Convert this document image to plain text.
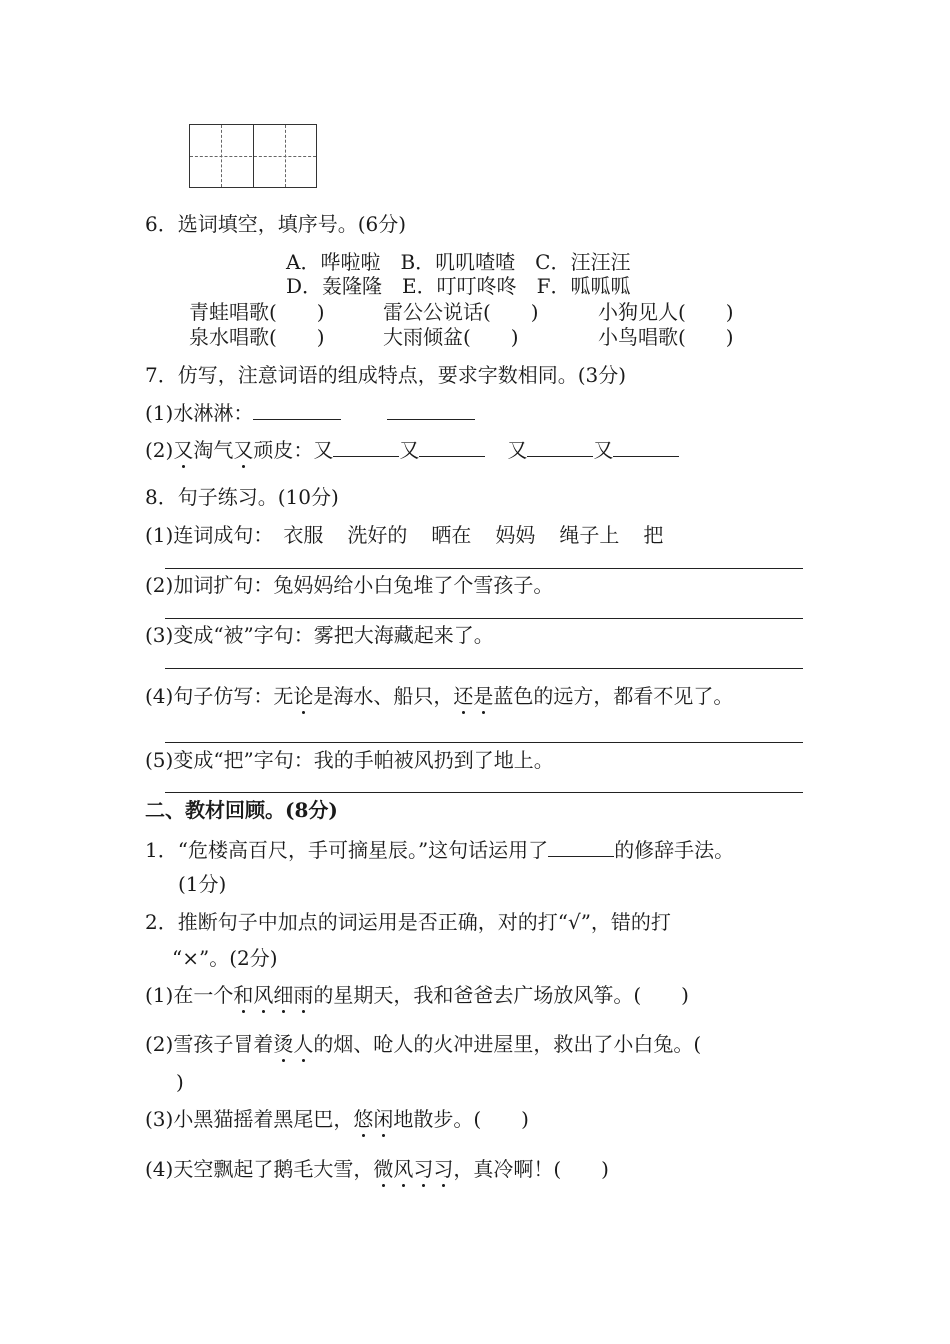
6．选词填空，填序号。(6分)
A．哗啦啦　B．叽叽喳喳　C．汪汪汪
D．轰隆隆　E．叮叮咚咚　F．呱呱呱
青蛙唱歌(　　)	雷公公说话(　　)	小狗见人(　　)
泉水唱歌(　　)	大雨倾盆(　　)	小鸟唱歌(　　)
7．仿写，注意词语的组成特点，要求字数相同。(3分)
(1)水淋淋：
(2)又淘气又顽皮：又	又	又	又
8．句子练习。(10分)
(1)连词成句： 衣服 洗好的 晒在 妈妈 绳子上 把
(2)加词扩句：兔妈妈给小白兔堆了个雪孩子。
(3)变成“被”字句：雾把大海藏起来了。
(4)句子仿写：无论是海水、船只，还是蓝色的远方，都看不见了。
(5)变成“把”字句：我的手帕被风扔到了地上。
二、教材回顾。(8分)
1．“危楼高百尺，手可摘星辰。”这句话运用了	的修辞手法。
(1分)
2．推断句子中加点的词运用是否正确，对的打“√”，错的打
“×”。(2分)
(1)在一个和风细雨的星期天，我和爸爸去广场放风筝。(　　)
(2)雪孩子冒着烫人的烟、呛人的火冲进屋里，救出了小白兔。(
)
(3)小黑猫摇着黑尾巴，悠闲地散步。(　　)
(4)天空飘起了鹅毛大雪，微风习习，真冷啊！(　　)
